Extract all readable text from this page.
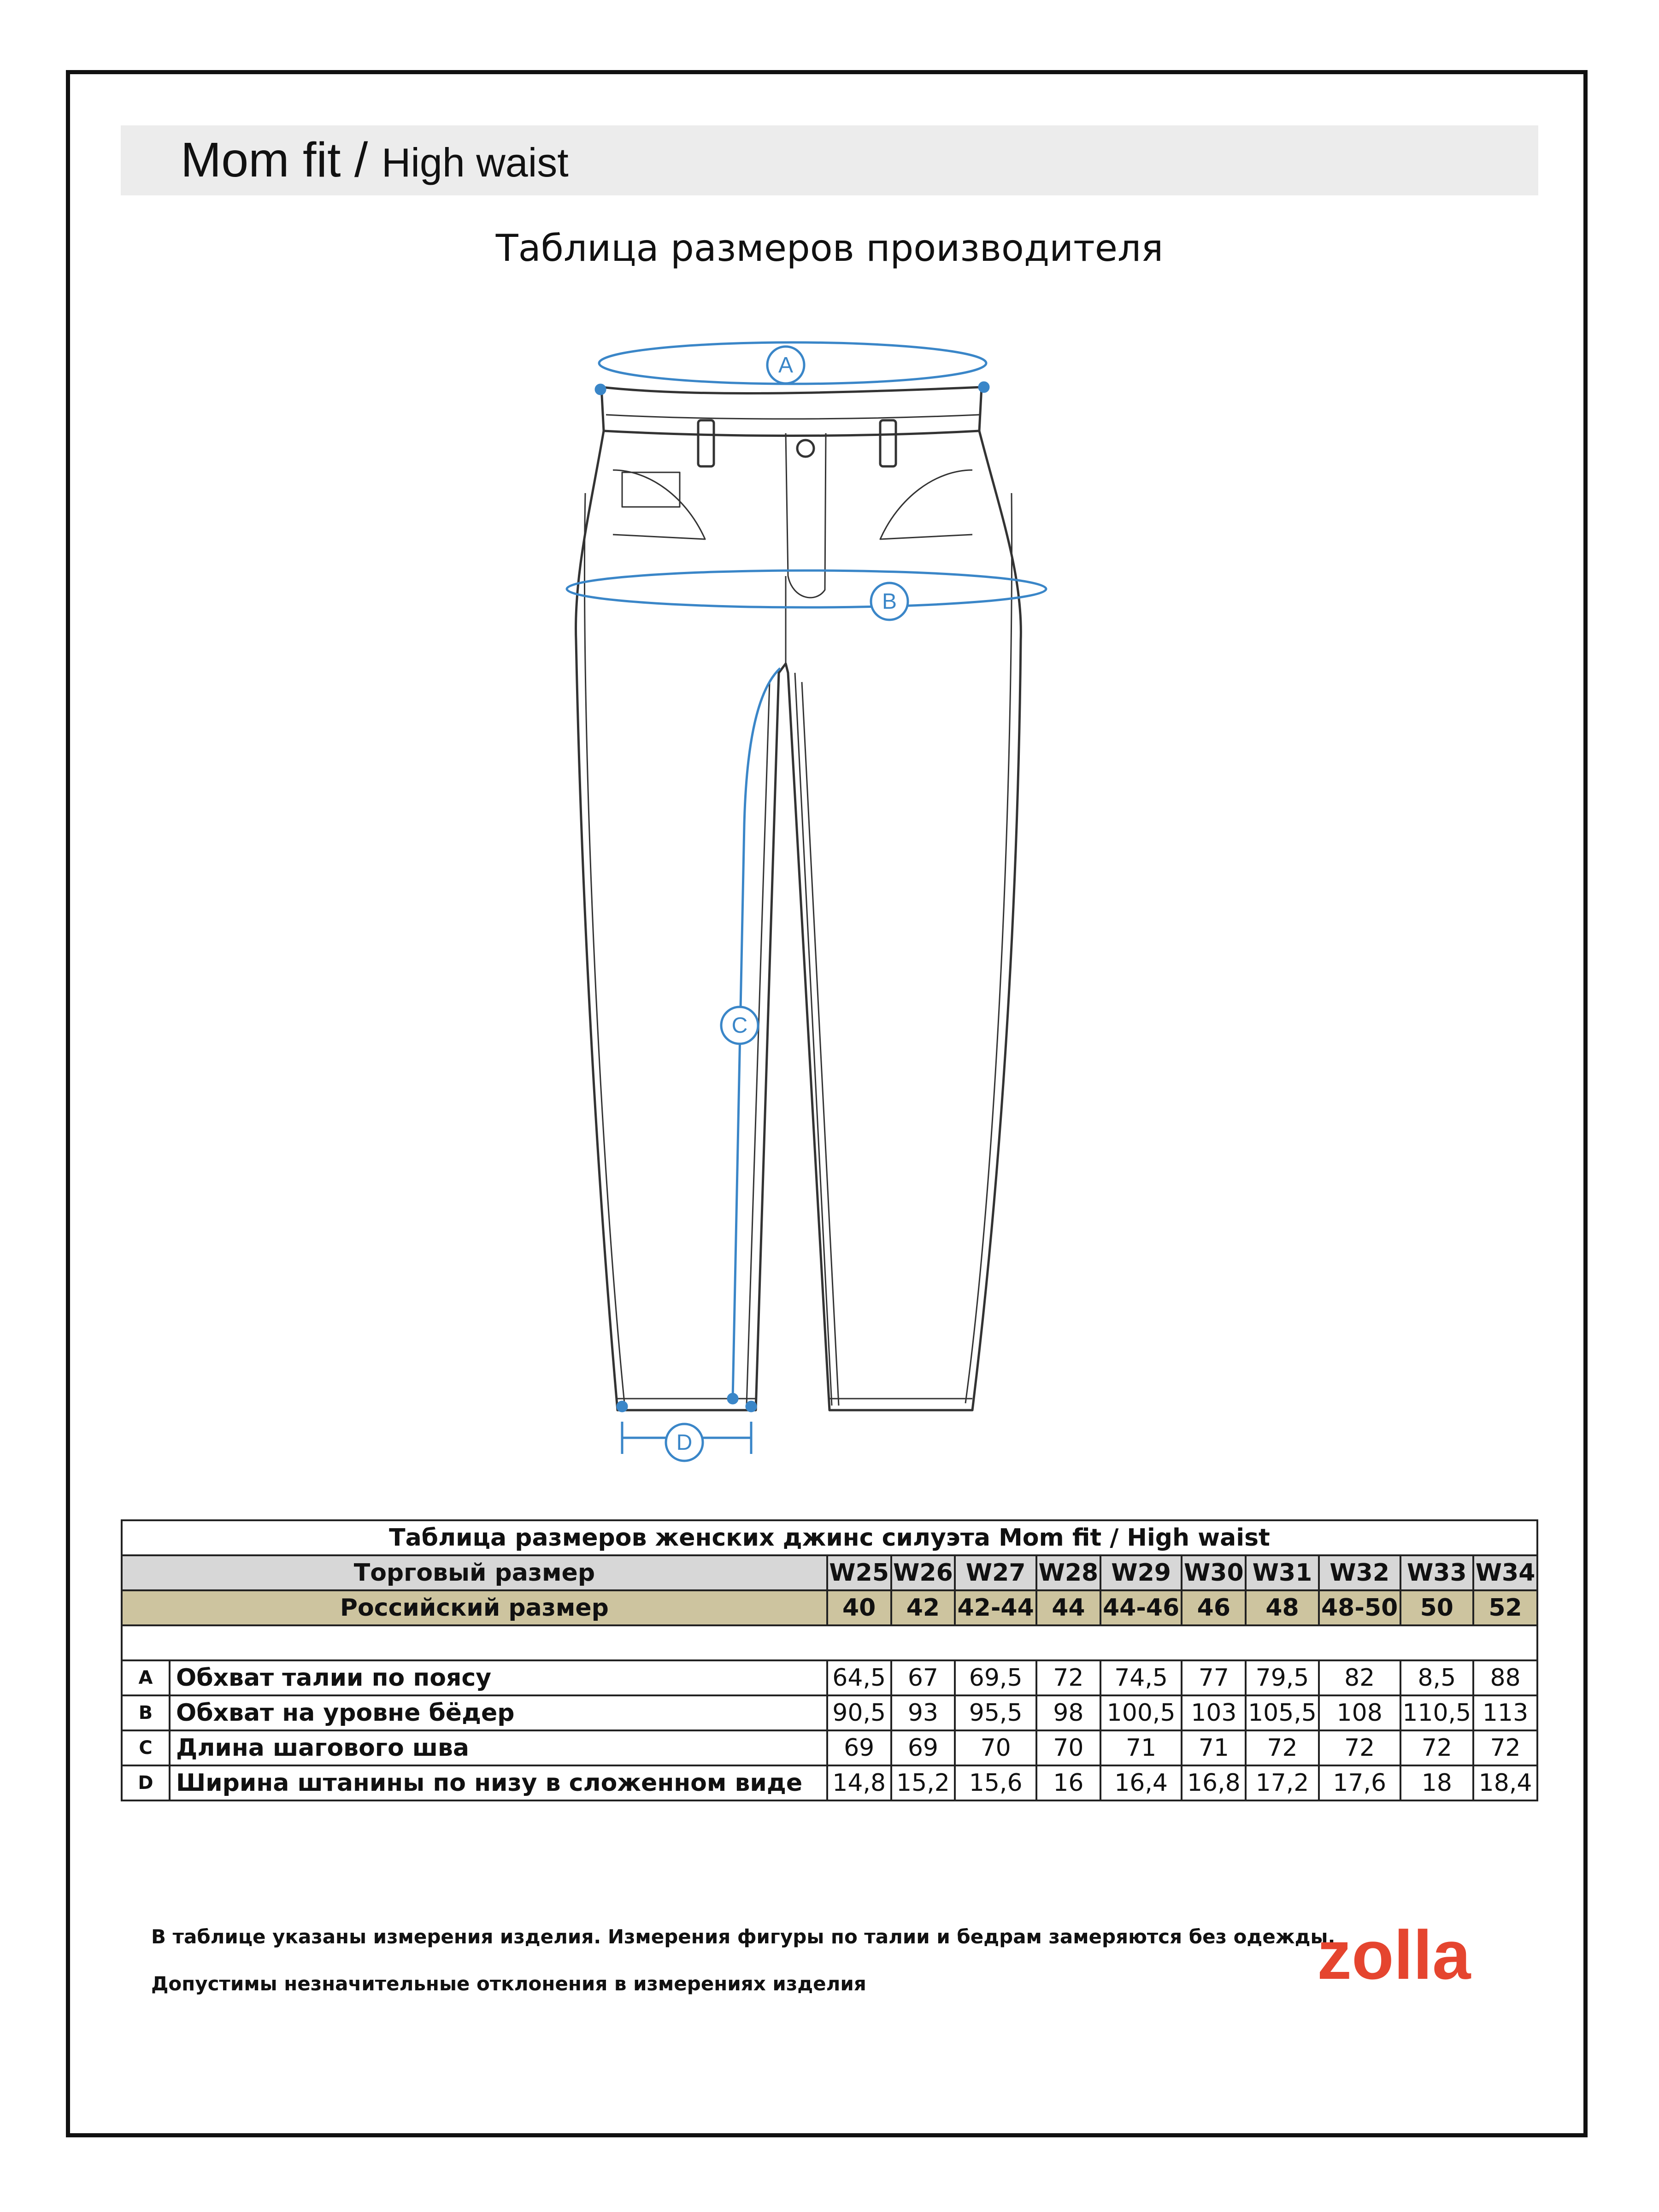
Mom fit / High waist
Таблица размеров производителя
A
B
C
D
Таблица размеров женских джинс силуэта Mom fit / High waist											
Торговый размер		W25	W26	W27	W28	W29	W30	W31	W32	W33	W34
Российский размер		40	42	42-44	44	44-46	46	48	48-50	50	52

A	Обхват талии по поясу	64,5	67	69,5	72	74,5	77	79,5	82	8,5	88
B	Обхват на уровне бёдер	90,5	93	95,5	98	100,5	103	105,5	108	110,5	113
C	Длина шагового шва	69	69	70	70	71	71	72	72	72	72
D	Ширина штанины по низу в сложенном виде	14,8	15,2	15,6	16	16,4	16,8	17,2	17,6	18	18,4
В таблице указаны измерения изделия. Измерения фигуры по талии и бедрам замеряются без одежды.
Допустимы незначительные отклонения в измерениях изделия	zolla
